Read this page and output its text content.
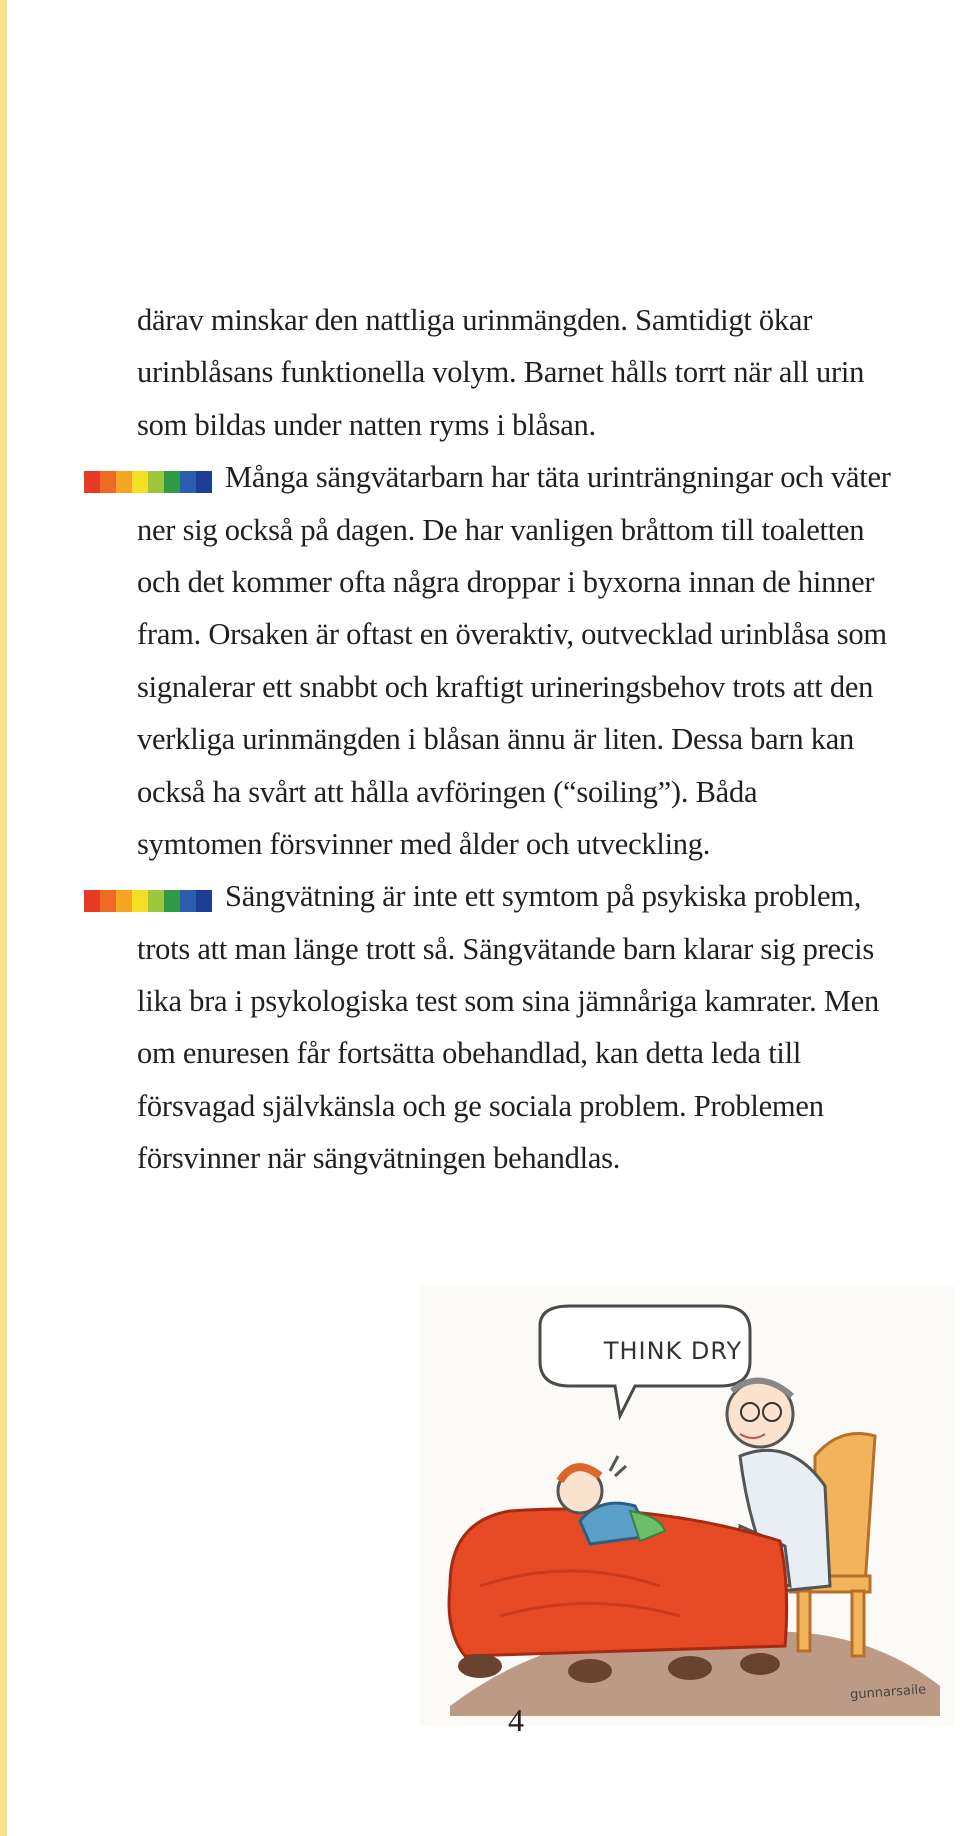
därav minskar den nattliga urinmängden. Samtidigt ökar
urinblåsans funktionella volym. Barnet hålls torrt när all urin
som bildas under natten ryms i blåsan.
Många sängvätarbarn har täta urinträngningar och väter
ner sig också på dagen. De har vanligen bråttom till toaletten
och det kommer ofta några droppar i byxorna innan de hinner
fram. Orsaken är oftast en överaktiv, outvecklad urinblåsa som
signalerar ett snabbt och kraftigt urineringsbehov trots att den
verkliga urinmängden i blåsan ännu är liten. Dessa barn kan
också ha svårt att hålla avföringen (“soiling”). Båda
symtomen försvinner med ålder och utveckling.
Sängvätning är inte ett symtom på psykiska problem,
trots att man länge trott så. Sängvätande barn klarar sig precis
lika bra i psykologiska test som sina jämnåriga kamrater. Men
om enuresen får fortsätta obehandlad, kan detta leda till
försvagad självkänsla och ge sociala problem. Problemen
försvinner när sängvätningen behandlas.
THINK DRY
gunnarsaile
4
